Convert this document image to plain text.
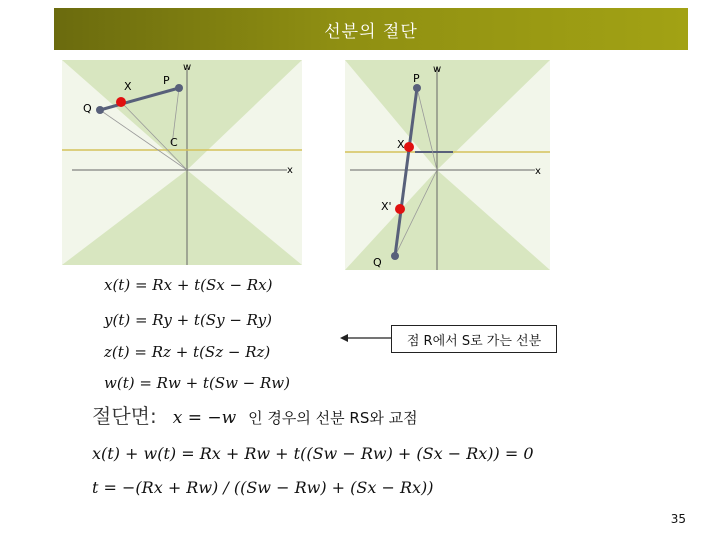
선분의 절단
w
x
X	P
Q
C
w
x
P
X
X'
Q
x(t) = Rx + t(Sx − Rx)
y(t) = Ry + t(Sy − Ry)
z(t) = Rz + t(Sz − Rz)
w(t) = Rw + t(Sw − Rw)
점 R에서 S로 가는 선분
절단면 : x = −w 인 경우의 선분 RS와 교점
x(t) + w(t) = Rx + Rw + t((Sw − Rw) + (Sx − Rx)) = 0
t = −(Rx + Rw) / ((Sw − Rw) + (Sx − Rx))
35
